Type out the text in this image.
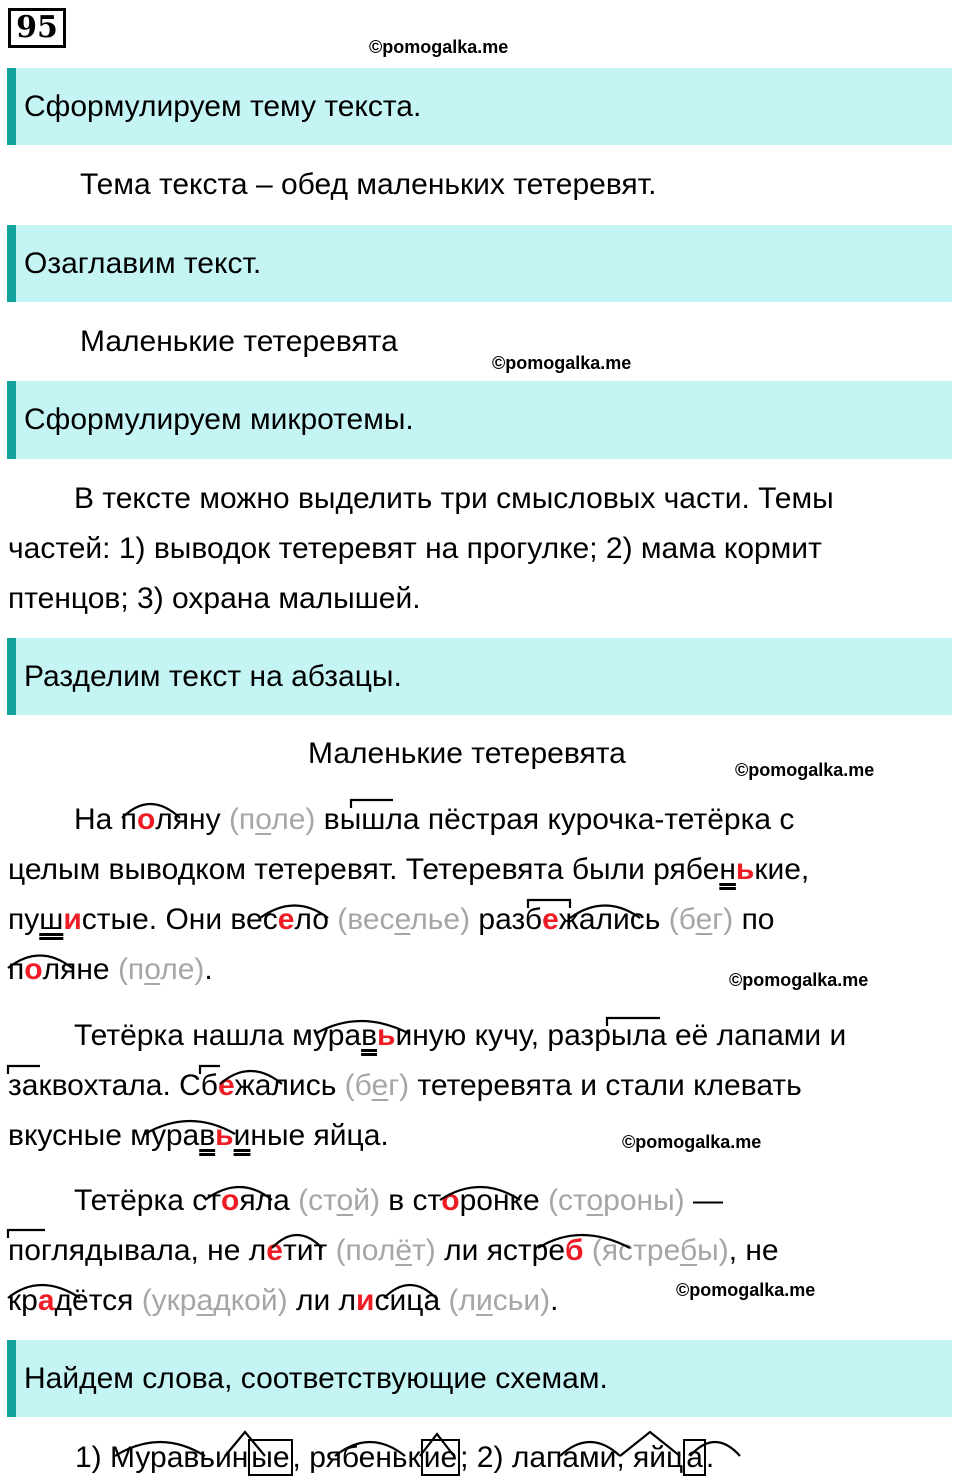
95
©pomogalka.me
Сформулируем тему текста.
Тема текста – обед маленьких тетеревят.
Озаглавим текст.
Маленькие тетеревята
©pomogalka.me
Сформулируем микротемы.
В тексте можно выделить три смысловых части. Темы
частей: 1) выводок тетеревят на прогулке; 2) мама кормит
птенцов; 3) охрана малышей.
Разделим текст на абзацы.
Маленькие тетеревята	©pomogalka.me
На поляну (поле) вышла пёстрая курочка-тетёрка с
целым выводком тетеревят. Тетеревята были рябенькие,
пушистые. Они весело (веселье) разбежались (бег) по
поляне (поле).	©pomogalka.me
Тетёрка нашла муравьиную кучу, разрыла её лапами и
заквохтала. Сбежались (бег) тетеревята и стали клевать
вкусные муравьиные яйца.	©pomogalka.me
Тетёрка стояла (стой) в сторонке (стороны) —
поглядывала, не летит (полёт) ли ястреб (ястребы), не
крадётся (украдкой) ли лисица (лисьи).	©pomogalka.me
Найдем слова, соответствующие схемам.
1) Муравьин ые , рябеньк ие ; 2) лапами, яйц а .
